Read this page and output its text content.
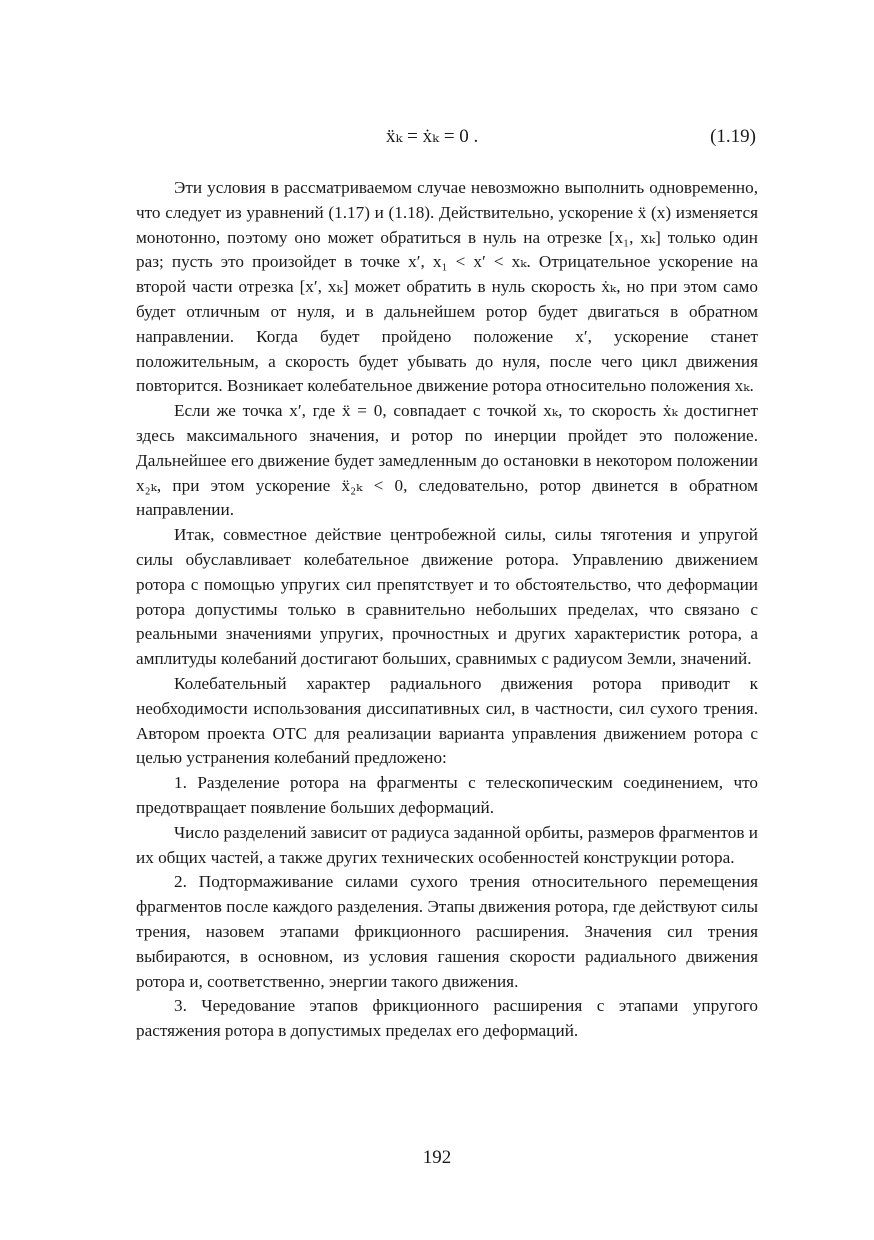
ẍₖ = ẋₖ = 0 .	(1.19)

Эти условия в рассматриваемом случае невозможно выполнить одновременно, что следует из уравнений (1.17) и (1.18). Действительно, ускорение ẍ (x) изменяется монотонно, поэтому оно может обратиться в нуль на отрезке [x₁, xₖ] только один раз; пусть это произойдет в точке x′, x₁ < x′ < xₖ. Отрицательное ускорение на второй части отрезка [x′, xₖ] может обратить в нуль скорость ẋₖ, но при этом само будет отличным от нуля, и в дальнейшем ротор будет двигаться в обратном направлении. Когда будет пройдено положение x′, ускорение станет положительным, а скорость будет убывать до нуля, после чего цикл движения повторится. Возникает колебательное движение ротора относительно положения xₖ.

Если же точка x′, где ẍ = 0, совпадает с точкой xₖ, то скорость ẋₖ достигнет здесь максимального значения, и ротор по инерции пройдет это положение. Дальнейшее его движение будет замедленным до остановки в некотором положении x₂ₖ, при этом ускорение ẍ₂ₖ < 0, следовательно, ротор двинется в обратном направлении.

Итак, совместное действие центробежной силы, силы тяготения и упругой силы обуславливает колебательное движение ротора. Управлению движением ротора с помощью упругих сил препятствует и то обстоятельство, что деформации ротора допустимы только в сравнительно небольших пределах, что связано с реальными значениями упругих, прочностных и других характеристик ротора, а амплитуды колебаний достигают больших, сравнимых с радиусом Земли, значений.

Колебательный характер радиального движения ротора приводит к необходимости использования диссипативных сил, в частности, сил сухого трения. Автором проекта ОТС для реализации варианта управления движением ротора с целью устранения колебаний предложено:

1. Разделение ротора на фрагменты с телескопическим соединением, что предотвращает появление больших деформаций.

Число разделений зависит от радиуса заданной орбиты, размеров фрагментов и их общих частей, а также других технических особенностей конструкции ротора.

2. Подтормаживание силами сухого трения относительного перемещения фрагментов после каждого разделения. Этапы движения ротора, где действуют силы трения, назовем этапами фрикционного расширения. Значения сил трения выбираются, в основном, из условия гашения скорости радиального движения ротора и, соответственно, энергии такого движения.

3. Чередование этапов фрикционного расширения с этапами упругого растяжения ротора в допустимых пределах его деформаций.

192
